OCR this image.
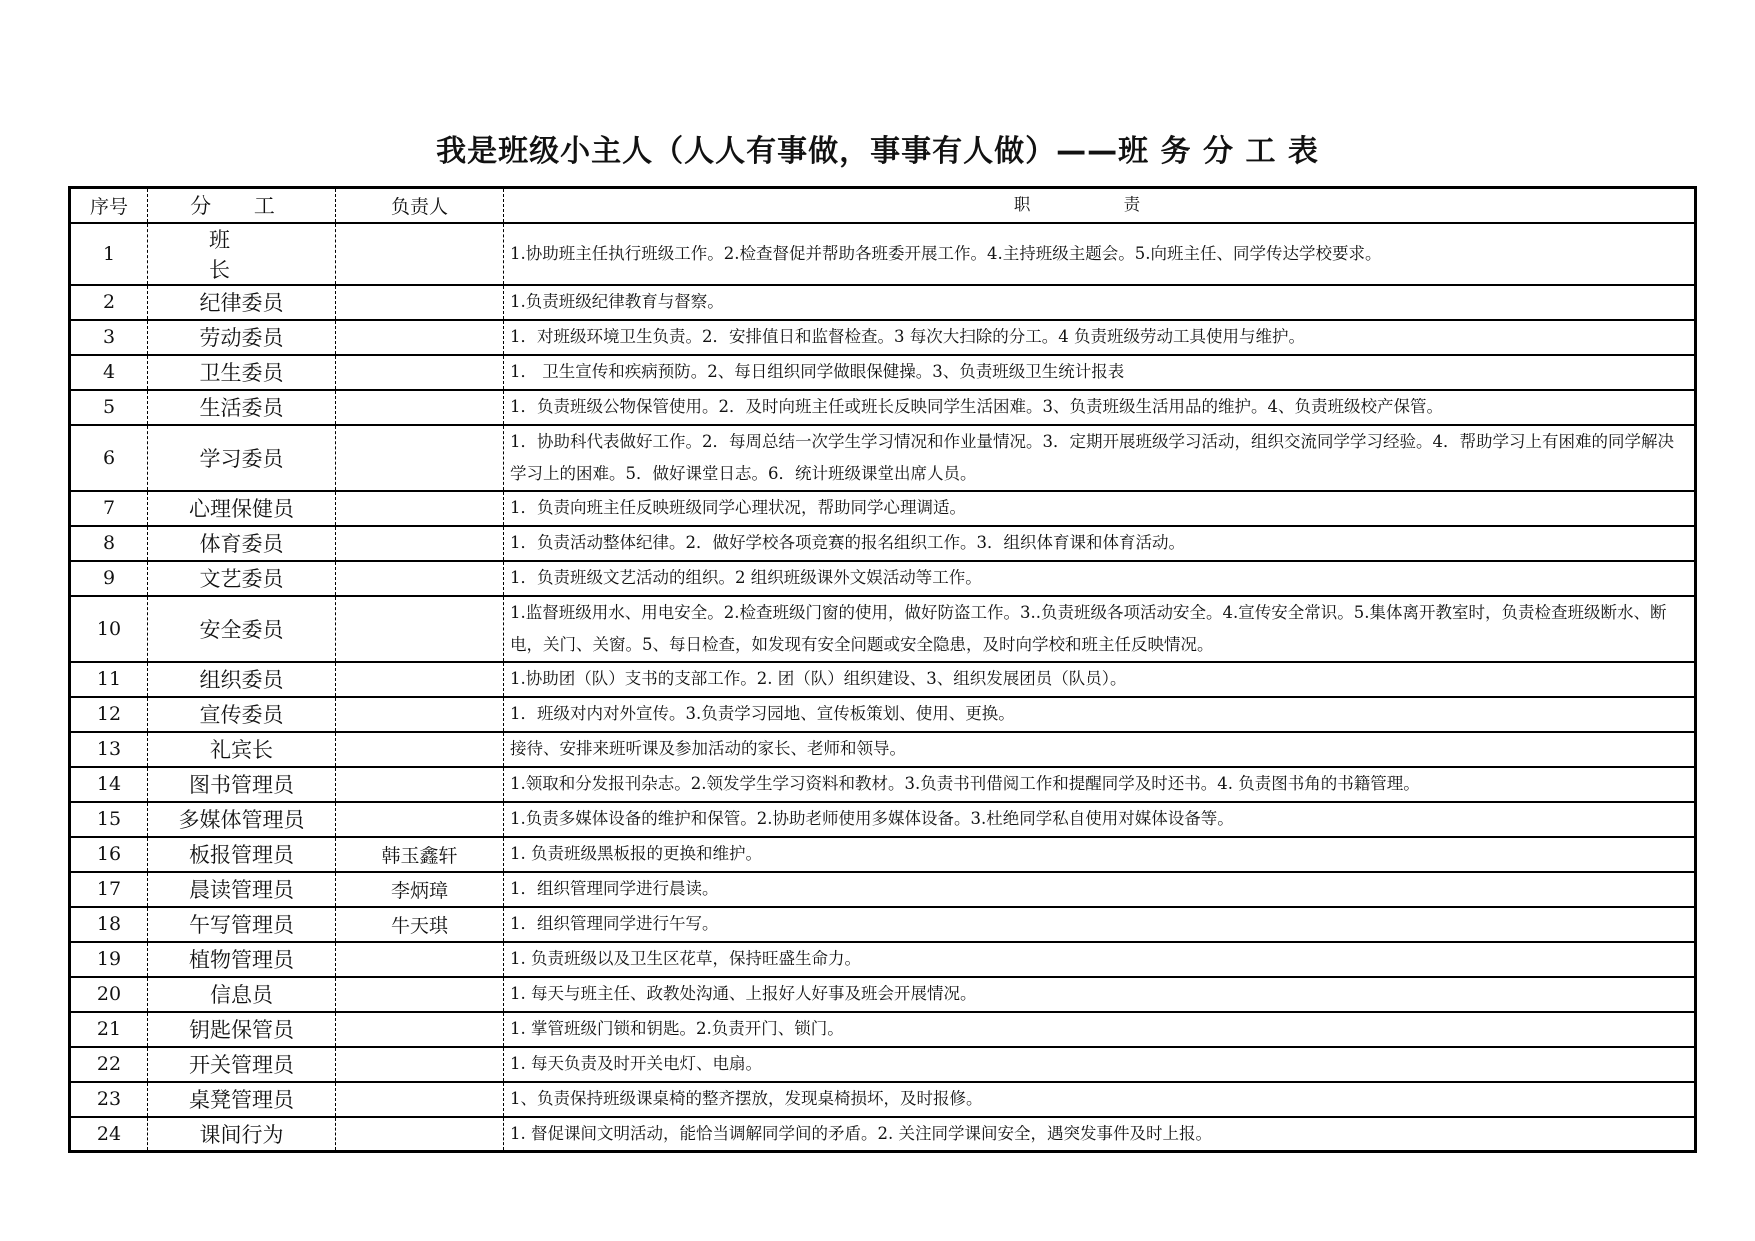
我是班级小主人（人人有事做，事事有人做）——班 务 分 工 表
序号	分 工	负责人	职 责
1	班 长		1.协助班主任执行班级工作。2.检查督促并帮助各班委开展工作。4.主持班级主题会。5.向班主任、同学传达学校要求。
2	纪律委员		1.负责班级纪律教育与督察。
3	劳动委员		1．对班级环境卫生负责。2．安排值日和监督检查。3 每次大扫除的分工。4 负责班级劳动工具使用与维护。
4	卫生委员		1． 卫生宣传和疾病预防。2、每日组织同学做眼保健操。3、负责班级卫生统计报表
5	生活委员		1．负责班级公物保管使用。2．及时向班主任或班长反映同学生活困难。3、负责班级生活用品的维护。4、负责班级校产保管。
6	学习委员		1．协助科代表做好工作。2．每周总结一次学生学习情况和作业量情况。3．定期开展班级学习活动，组织交流同学学习经验。4．帮助学习上有困难的同学解决学习上的困难。5．做好课堂日志。6．统计班级课堂出席人员。
7	心理保健员		1．负责向班主任反映班级同学心理状况，帮助同学心理调适。
8	体育委员		1．负责活动整体纪律。2．做好学校各项竞赛的报名组织工作。3．组织体育课和体育活动。
9	文艺委员		1．负责班级文艺活动的组织。2 组织班级课外文娱活动等工作。
10	安全委员		1.监督班级用水、用电安全。2.检查班级门窗的使用，做好防盗工作。3..负责班级各项活动安全。4.宣传安全常识。5.集体离开教室时，负责检查班级断水、断电，关门、关窗。5、每日检查，如发现有安全问题或安全隐患，及时向学校和班主任反映情况。
11	组织委员		1.协助团（队）支书的支部工作。2. 团（队）组织建设、3、组织发展团员（队员）。
12	宣传委员		1．班级对内对外宣传。3.负责学习园地、宣传板策划、使用、更换。
13	礼宾长		接待、安排来班听课及参加活动的家长、老师和领导。
14	图书管理员		1.领取和分发报刊杂志。2.领发学生学习资料和教材。3.负责书刊借阅工作和提醒同学及时还书。4. 负责图书角的书籍管理。
15	多媒体管理员		1.负责多媒体设备的维护和保管。2.协助老师使用多媒体设备。3.杜绝同学私自使用对媒体设备等。
16	板报管理员	韩玉鑫轩	1. 负责班级黑板报的更换和维护。
17	晨读管理员	李炳璋	1．组织管理同学进行晨读。
18	午写管理员	牛天琪	1．组织管理同学进行午写。
19	植物管理员		1. 负责班级以及卫生区花草，保持旺盛生命力。
20	信息员		1. 每天与班主任、政教处沟通、上报好人好事及班会开展情况。
21	钥匙保管员		1. 掌管班级门锁和钥匙。2.负责开门、锁门。
22	开关管理员		1. 每天负责及时开关电灯、电扇。
23	桌凳管理员		1、负责保持班级课桌椅的整齐摆放，发现桌椅损坏，及时报修。
24	课间行为		1. 督促课间文明活动，能恰当调解同学间的矛盾。2. 关注同学课间安全，遇突发事件及时上报。
